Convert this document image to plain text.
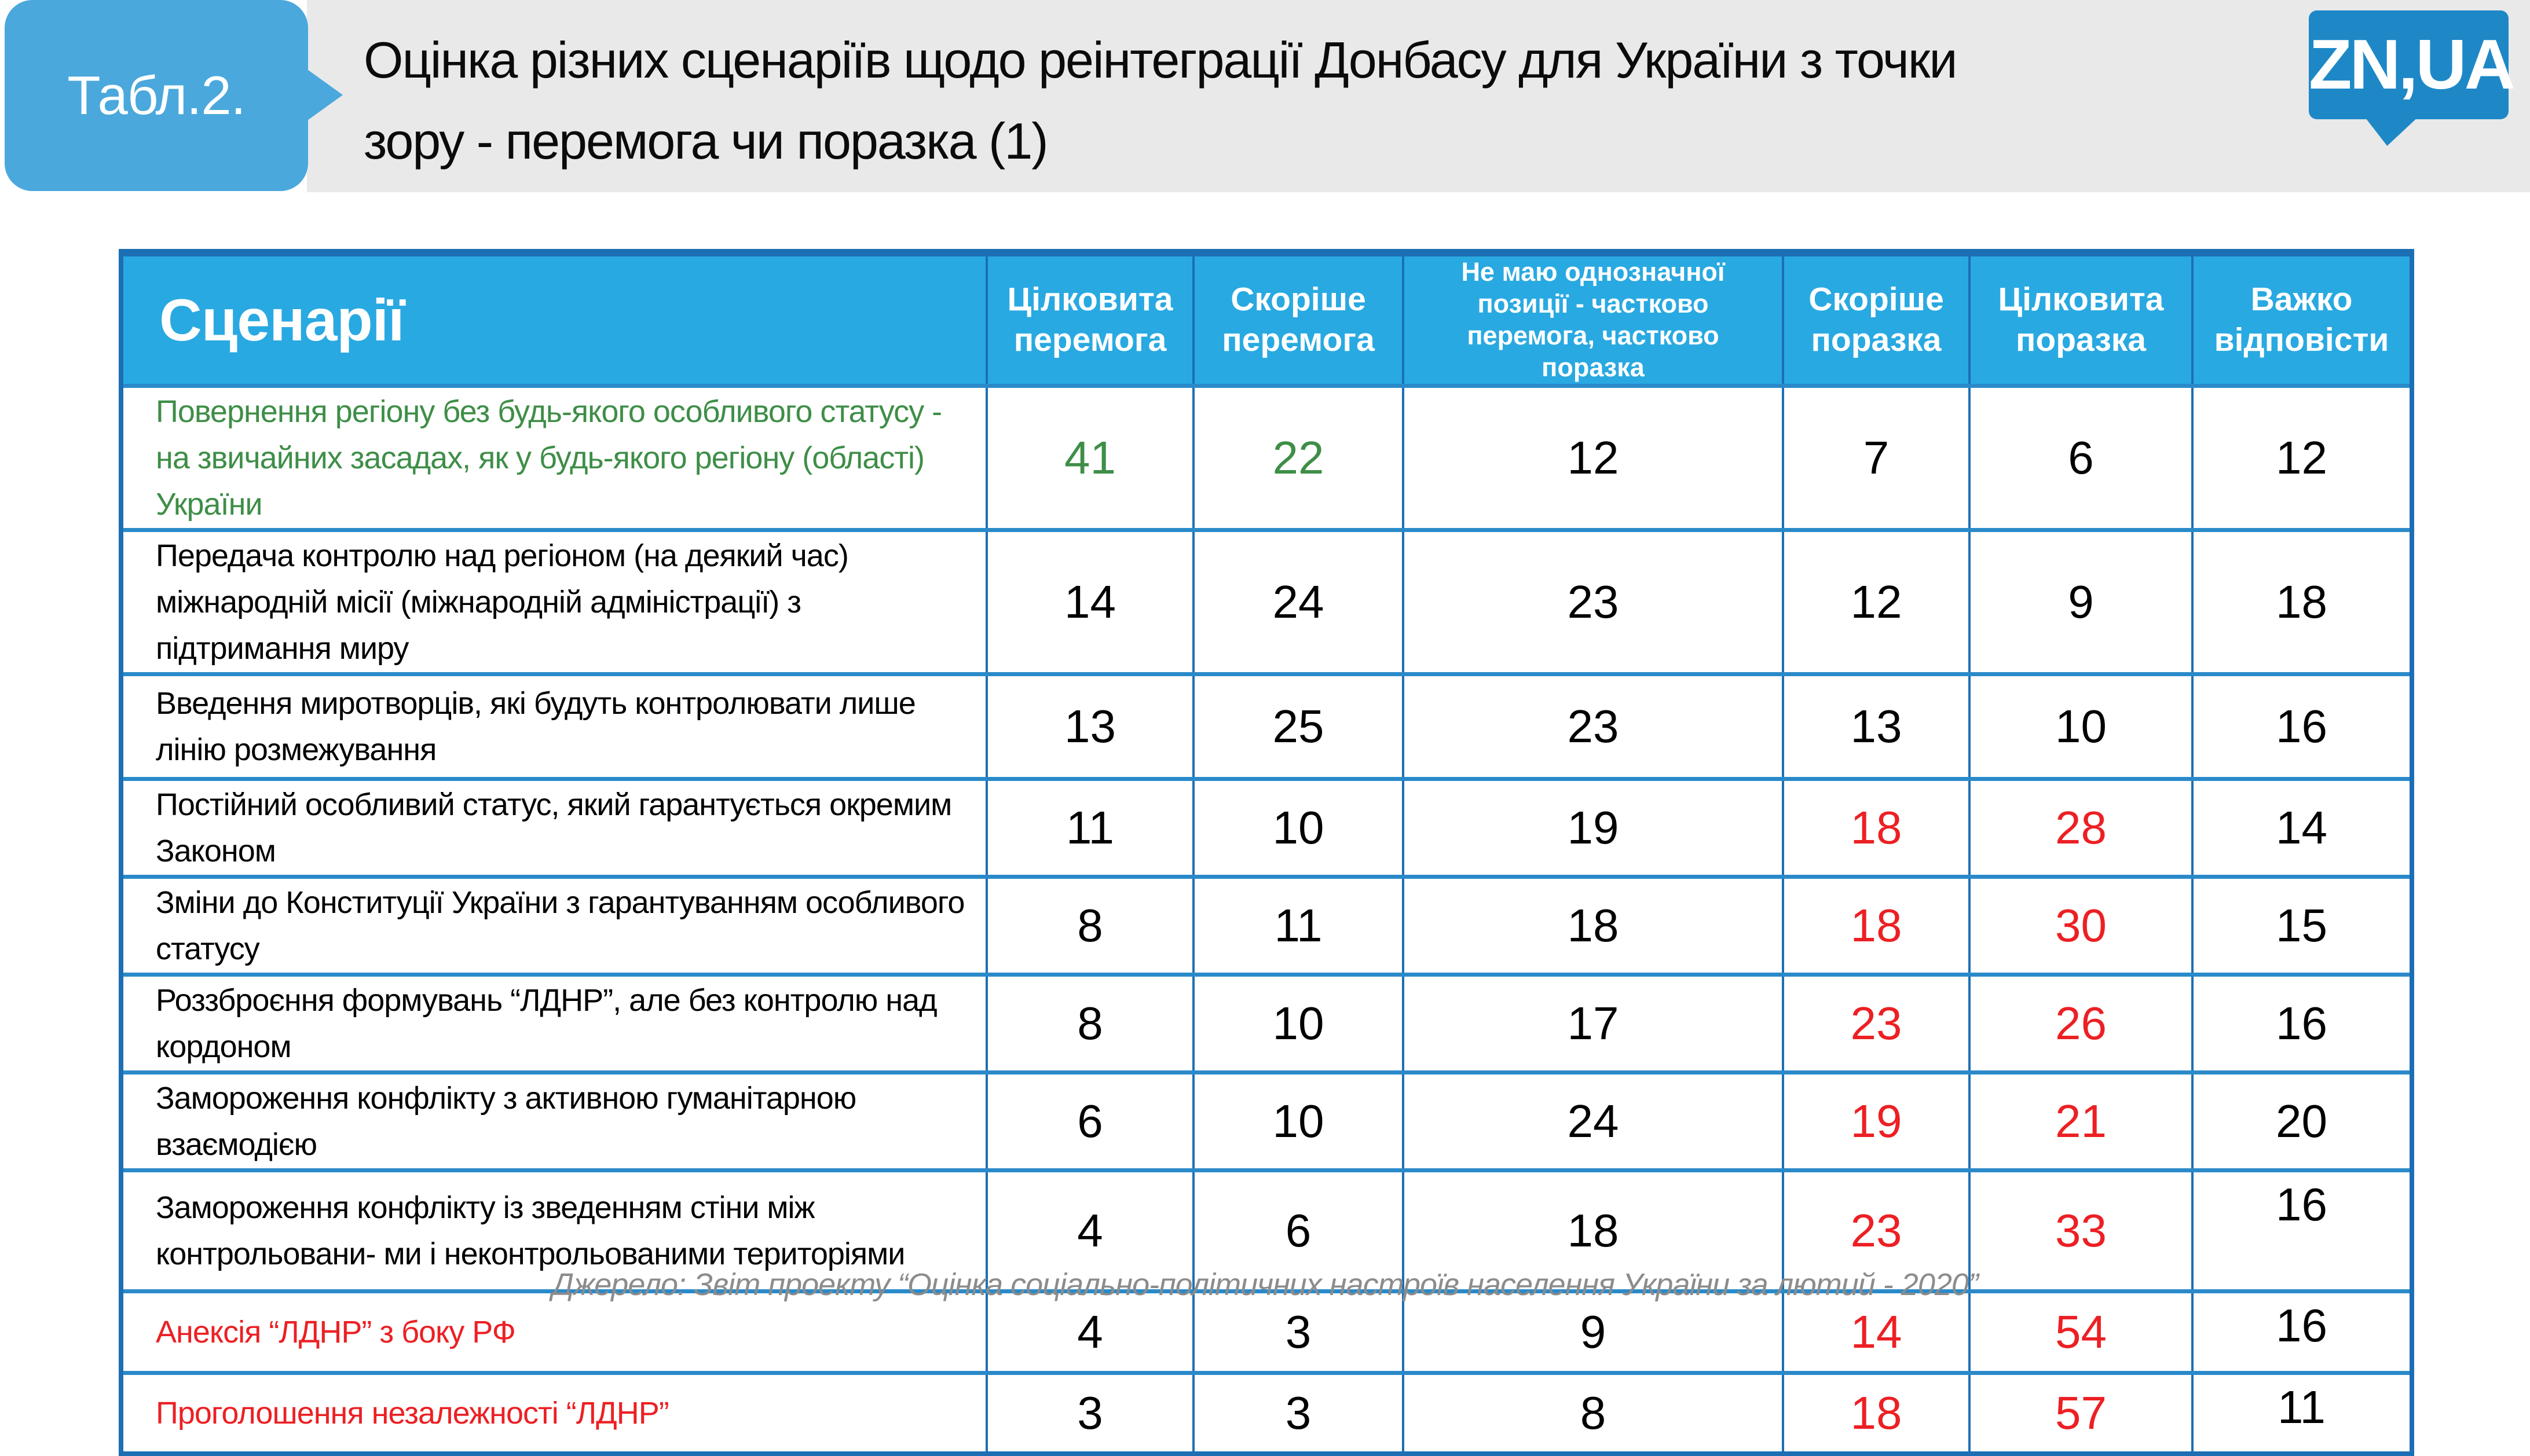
Табл.2.
Оцінка різних сценаріїв щодо реінтеграції Донбасу для України з точки
зору - перемога чи поразка (1)
ZN,UA
Сценарії	Цілковита перемога	Скоріше перемога	Не маю однозначної позиції - частково перемога, частково поразка	Скоріше поразка	Цілковита поразка	Важко відповісти
Повернення регіону без будь-якого особливого статусу - на звичайних засадах, як у будь-якого регіону (області) України	41	22	12	7	6	12
Передача контролю над регіоном (на деякий час) міжнародній місії (міжнародній адміністрації) з підтримання миру	14	24	23	12	9	18
Введення миротворців, які будуть контролювати лише лінію розмежування	13	25	23	13	10	16
Постійний особливий статус, який гарантується окремим Законом	11	10	19	18	28	14
Зміни до Конституції України з гарантуванням особливого статусу	8	11	18	18	30	15
Роззброєння формувань “ЛДНР”, але без контролю над кордоном	8	10	17	23	26	16
Замороження конфлікту з активною гуманітарною взаємодією	6	10	24	19	21	20
Замороження конфлікту із зведенням стіни між контрольовани- ми і неконтрольованими територіями	4	6	18	23	33	16
Анексія “ЛДНР” з боку РФ	4	3	9	14	54	16
Проголошення незалежності “ЛДНР”	3	3	8	18	57	11
Джерело: Звіт проекту “Оцінка соціально-політичних настроїв населення України за лютий - 2020”
